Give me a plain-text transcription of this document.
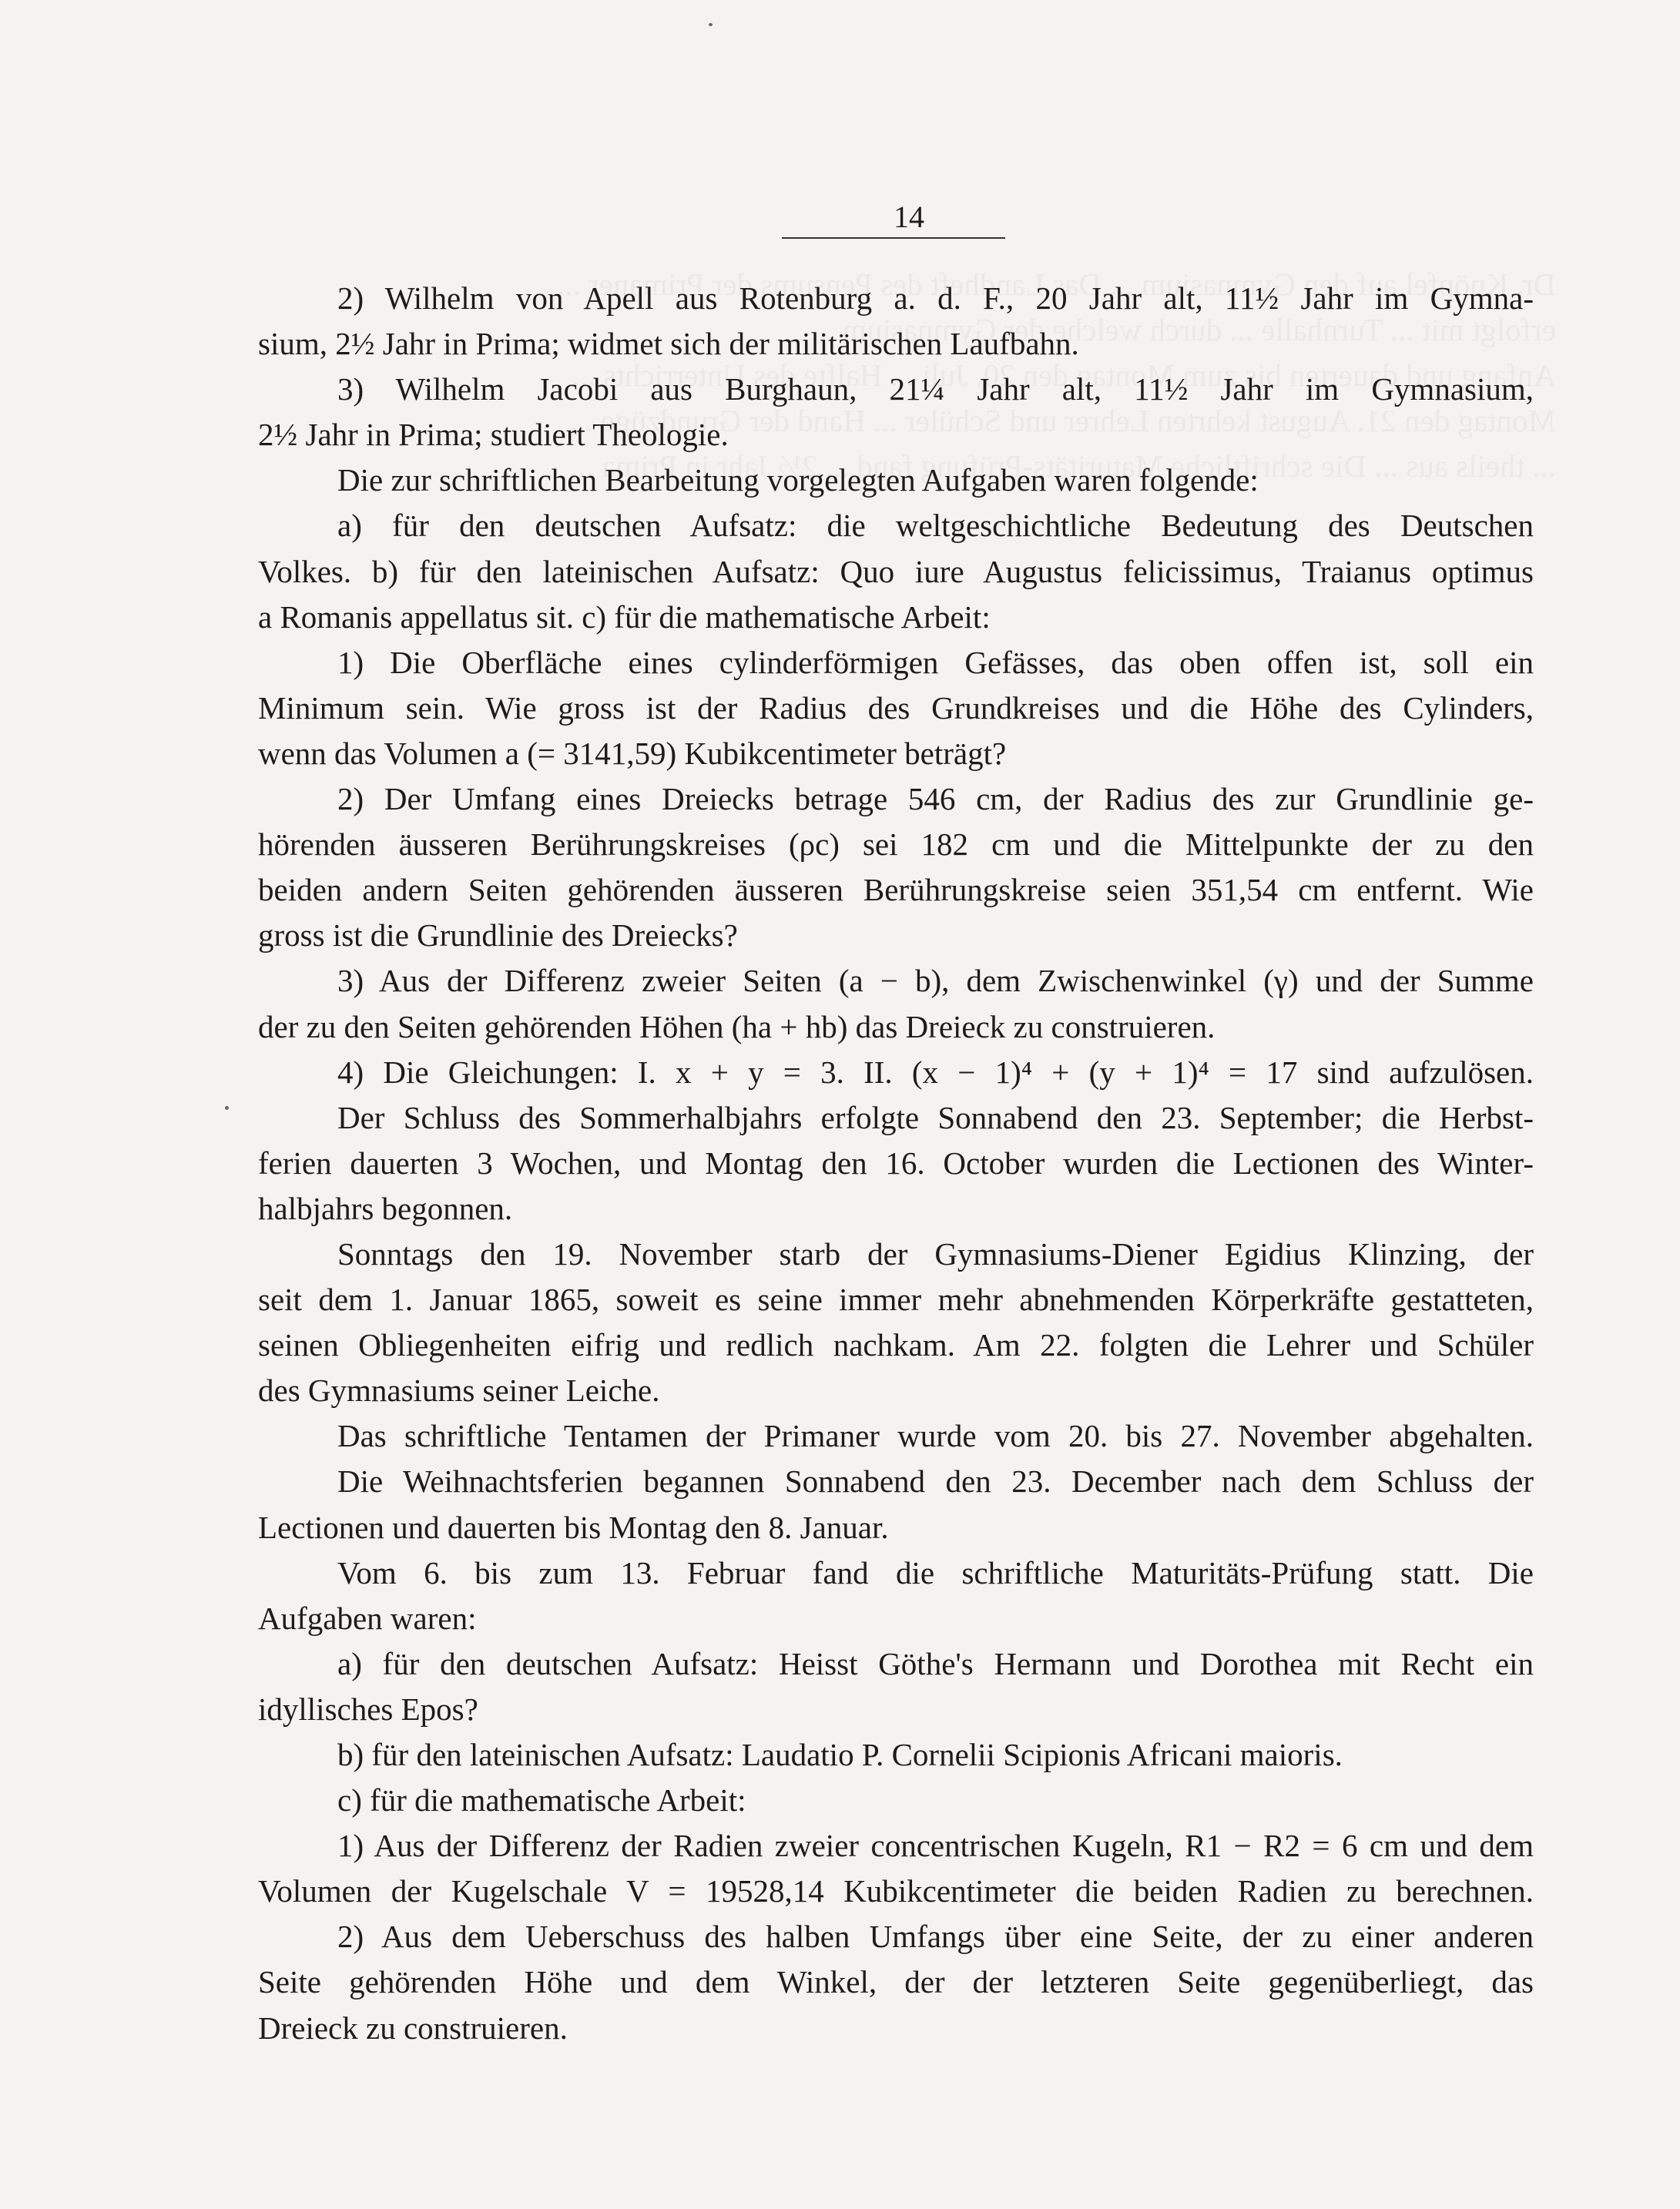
14
2) Wilhelm von Apell aus Rotenburg a. d. F., 20 Jahr alt, 11½ Jahr im Gymna-
sium, 2½ Jahr in Prima; widmet sich der militärischen Laufbahn.
3) Wilhelm Jacobi aus Burghaun, 21¼ Jahr alt, 11½ Jahr im Gymnasium,
2½ Jahr in Prima; studiert Theologie.
Die zur schriftlichen Bearbeitung vorgelegten Aufgaben waren folgende:
a) für den deutschen Aufsatz: die weltgeschichtliche Bedeutung des Deutschen
Volkes. b) für den lateinischen Aufsatz: Quo iure Augustus felicissimus, Traianus optimus
a Romanis appellatus sit. c) für die mathematische Arbeit:
1) Die Oberfläche eines cylinderförmigen Gefässes, das oben offen ist, soll ein
Minimum sein. Wie gross ist der Radius des Grundkreises und die Höhe des Cylinders,
wenn das Volumen a (= 3141,59) Kubikcentimeter beträgt?
2) Der Umfang eines Dreiecks betrage 546 cm, der Radius des zur Grundlinie ge-
hörenden äusseren Berührungskreises (ρc) sei 182 cm und die Mittelpunkte der zu den
beiden andern Seiten gehörenden äusseren Berührungskreise seien 351,54 cm entfernt. Wie
gross ist die Grundlinie des Dreiecks?
3) Aus der Differenz zweier Seiten (a − b), dem Zwischenwinkel (γ) und der Summe
der zu den Seiten gehörenden Höhen (ha + hb) das Dreieck zu construieren.
4) Die Gleichungen: I. x + y = 3. II. (x − 1)⁴ + (y + 1)⁴ = 17 sind aufzulösen.
Der Schluss des Sommerhalbjahrs erfolgte Sonnabend den 23. September; die Herbst-
ferien dauerten 3 Wochen, und Montag den 16. October wurden die Lectionen des Winter-
halbjahrs begonnen.
Sonntags den 19. November starb der Gymnasiums-Diener Egidius Klinzing, der
seit dem 1. Januar 1865, soweit es seine immer mehr abnehmenden Körperkräfte gestatteten,
seinen Obliegenheiten eifrig und redlich nachkam. Am 22. folgten die Lehrer und Schüler
des Gymnasiums seiner Leiche.
Das schriftliche Tentamen der Primaner wurde vom 20. bis 27. November abgehalten.
Die Weihnachtsferien begannen Sonnabend den 23. December nach dem Schluss der
Lectionen und dauerten bis Montag den 8. Januar.
Vom 6. bis zum 13. Februar fand die schriftliche Maturitäts-Prüfung statt. Die
Aufgaben waren:
a) für den deutschen Aufsatz: Heisst Göthe's Hermann und Dorothea mit Recht ein
idyllisches Epos?
b) für den lateinischen Aufsatz: Laudatio P. Cornelii Scipionis Africani maioris.
c) für die mathematische Arbeit:
1) Aus der Differenz der Radien zweier concentrischen Kugeln, R1 − R2 = 6 cm und dem
Volumen der Kugelschale V = 19528,14 Kubikcentimeter die beiden Radien zu berechnen.
2) Aus dem Ueberschuss des halben Umfangs über eine Seite, der zu einer anderen
Seite gehörenden Höhe und dem Winkel, der der letzteren Seite gegenüberliegt, das
Dreieck zu construieren.
